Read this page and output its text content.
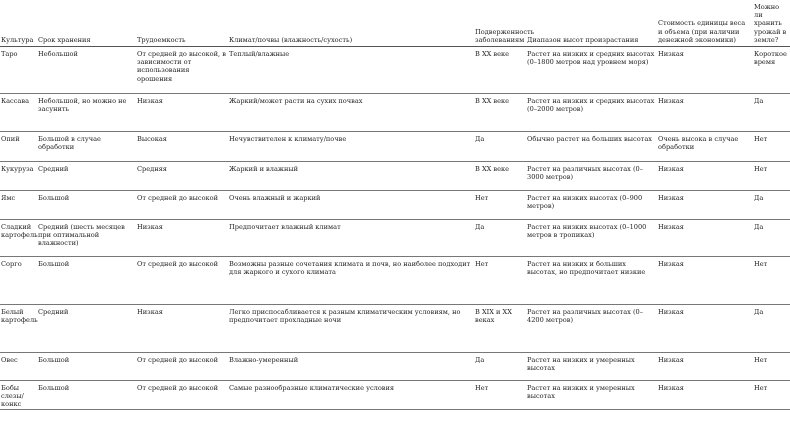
Культура	Срок хранения	Трудоемкость	Климат/почвы (влажность/сухость)	Подверженность заболеваниям	Диапазон высот произрастания	Стоимость единицы веса и объема (при наличии денежной экономики)	Можно ли хранить урожай в земле?
Таро	Небольшой	От средней до высокой, в зависимости от использования орошения	Теплый/влажные	В XX веке	Растет на низких и средних высотах (0–1800 метров над уровнем моря)	Низкая	Короткое время
Кассава	Небольшой, но можно не засунить	Низкая	Жаркий/может расти на сухих почвах	В XX веке	Растет на низких и средних высотах (0–2000 метров)	Низкая	Да
Опий	Большой в случае обработки	Высокая	Нечувствителен к климату/почве	Да	Обычно растет на больших высотах	Очень высока в случае обработки	Нет
Кукуруза	Средний	Средняя	Жаркий и влажный	В XX веке	Растет на различных высотах (0–3000 метров)	Низкая	Нет
Ямс	Большой	От средней до высокой	Очень влажный и жаркий	Нет	Растет на низких высотах (0–900 метров)	Низкая	Да
Сладкий картофель	Средний (шесть месяцев при оптимальной влажности)	Низкая	Предпочитает влажный климат	Да	Растет на низких высотах (0–1000 метров в тропиках)	Низкая	Да
Сорго	Большой	От средней до высокой	Возможны разные сочетания климата и почв, но наиболее подходит для жаркого и сухого климата	Нет	Растет на низких и больших высотах, но предпочитает низкие	Низкая	Нет
Белый картофель	Средний	Низкая	Легко приспосабливается к разным климатическим условиям, но предпочитает прохладные ночи	В XIX и XX веках	Растет на различных высотах (0–4200 метров)	Низкая	Да
Овес	Большой	От средней до высокой	Влажно-умеренный	Да	Растет на низких и умеренных высотах	Низкая	Нет
Бобы слезы/конкс	Большой	От средней до высокой	Самые разнообразные климатические условия	Нет	Растет на низких и умеренных высотах	Низкая	Нет
